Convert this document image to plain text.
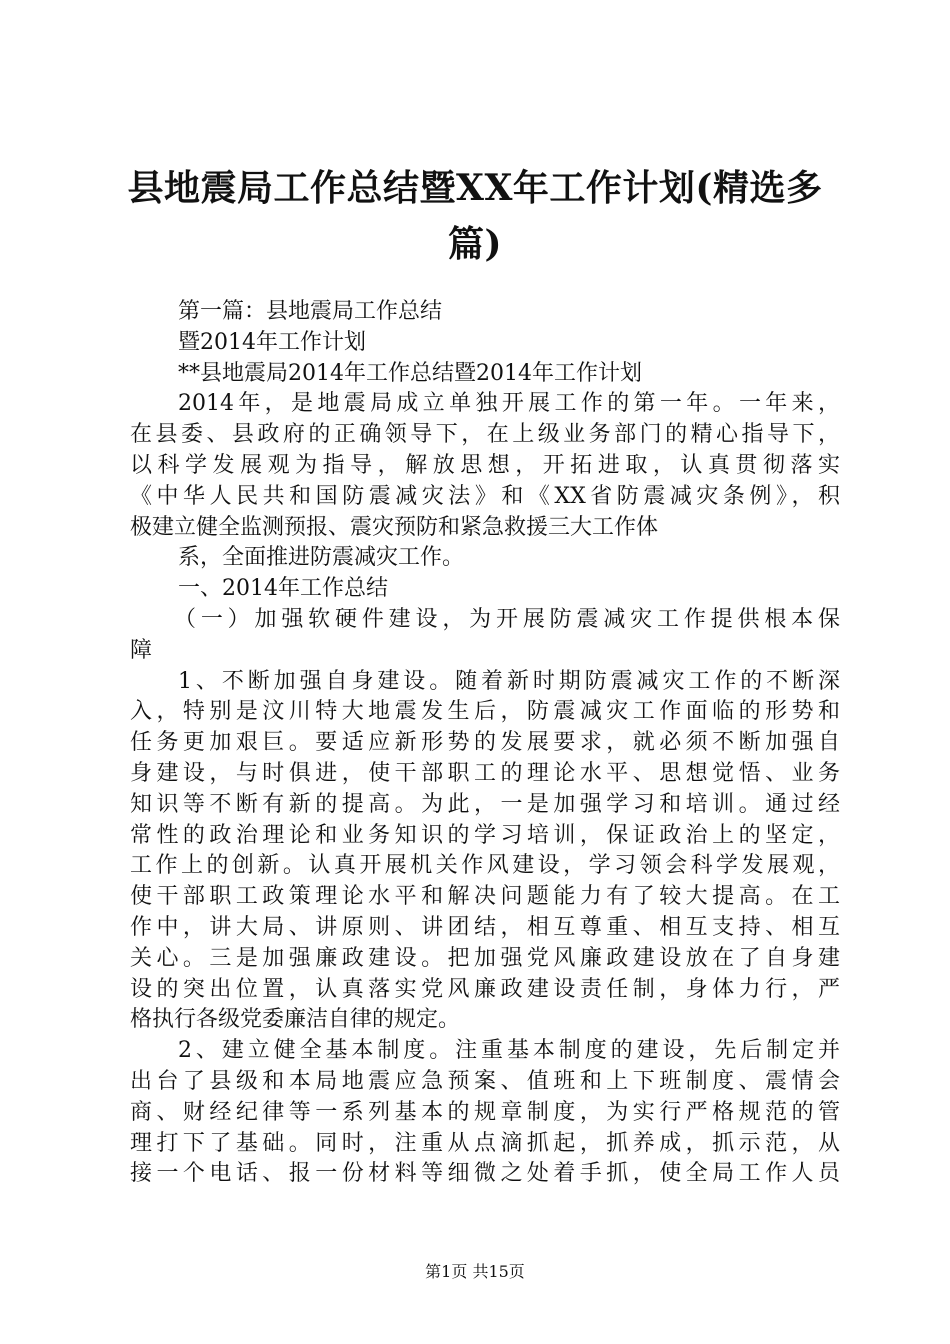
县地震局工作总结暨XX年工作计划(精选多篇)
第一篇：县地震局工作总结
暨2014年工作计划
**县地震局2014年工作总结暨2014年工作计划
2014年，是地震局成立单独开展工作的第一年。一年来，
在县委、县政府的正确领导下，在上级业务部门的精心指导下，
以科学发展观为指导，解放思想，开拓进取，认真贯彻落实
《中华人民共和国防震减灾法》和《XX省防震减灾条例》，积
极建立健全监测预报、震灾预防和紧急救援三大工作体
系，全面推进防震减灾工作。
一、2014年工作总结
（一）加强软硬件建设，为开展防震减灾工作提供根本保
障
1、不断加强自身建设。随着新时期防震减灾工作的不断深
入，特别是汶川特大地震发生后，防震减灾工作面临的形势和
任务更加艰巨。要适应新形势的发展要求，就必须不断加强自
身建设，与时俱进，使干部职工的理论水平、思想觉悟、业务
知识等不断有新的提高。为此，一是加强学习和培训。通过经
常性的政治理论和业务知识的学习培训，保证政治上的坚定，
工作上的创新。认真开展机关作风建设，学习领会科学发展观，
使干部职工政策理论水平和解决问题能力有了较大提高。在工
作中，讲大局、讲原则、讲团结，相互尊重、相互支持、相互
关心。三是加强廉政建设。把加强党风廉政建设放在了自身建
设的突出位置，认真落实党风廉政建设责任制，身体力行，严
格执行各级党委廉洁自律的规定。
2、建立健全基本制度。注重基本制度的建设，先后制定并
出台了县级和本局地震应急预案、值班和上下班制度、震情会
商、财经纪律等一系列基本的规章制度，为实行严格规范的管
理打下了基础。同时，注重从点滴抓起，抓养成，抓示范，从
接一个电话、报一份材料等细微之处着手抓，使全局工作人员
第1页 共15页
